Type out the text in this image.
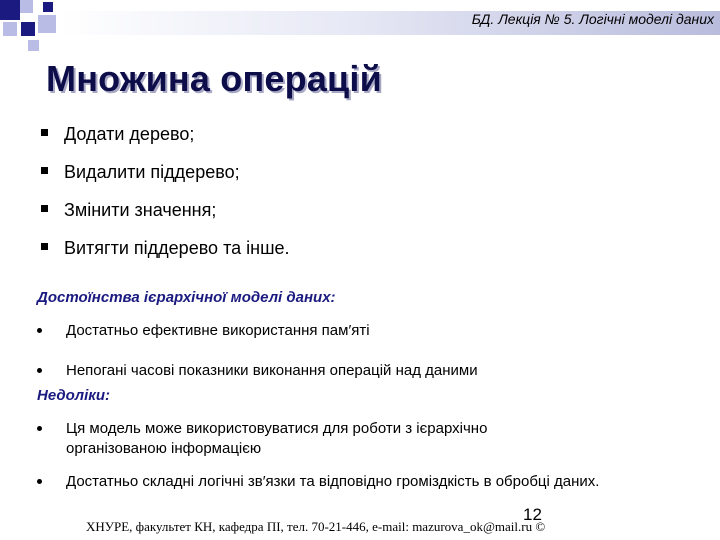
БД. Лекція № 5. Логічні моделі даних
Множина операцій
Додати дерево;
Видалити піддерево;
Змінити значення;
Витягти піддерево та інше.
Достоїнства ієрархічної моделі даних:
Достатньо ефективне використання пам′яті
Непогані часові показники виконання операцій над даними
Недоліки:
Ця модель може використовуватися для роботи з ієрархічно організованою інформацією
Достатньо складні логічні зв′язки та відповідно громіздкість в обробці даних.
12
ХНУРЕ, факультет КН, кафедра ПІ, тел. 70-21-446, e-mail: mazurova_ok@mail.ru ©
